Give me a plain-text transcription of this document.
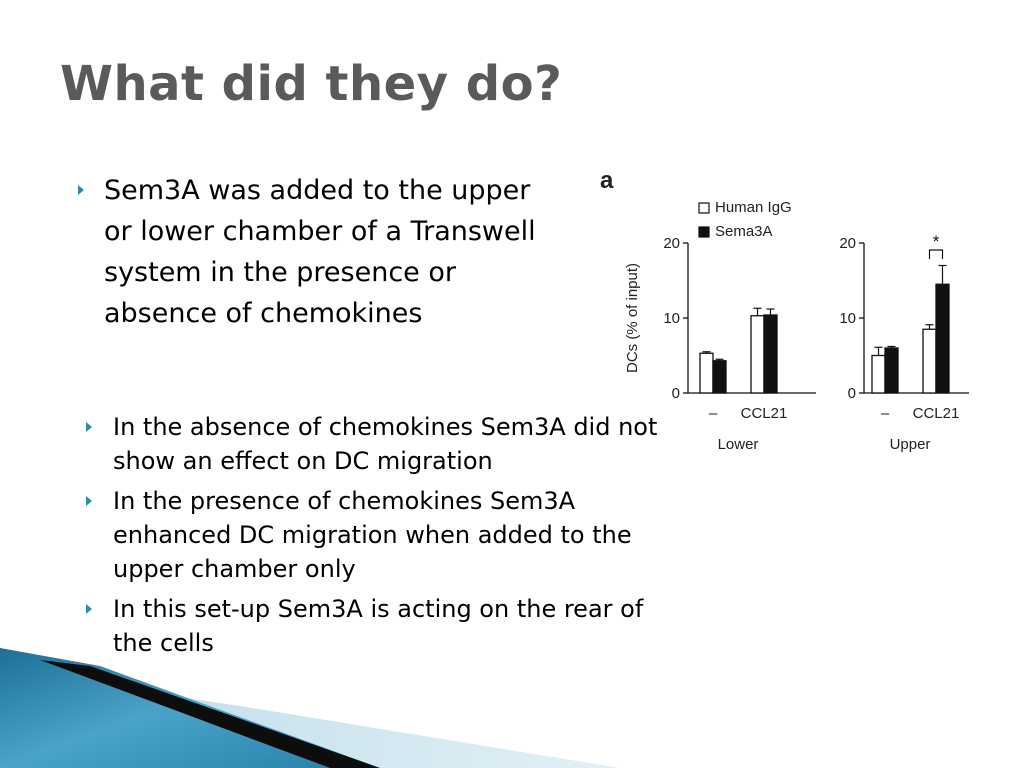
What did they do?
Sem3A was added to the upper or lower chamber of a Transwell system in the presence or absence of chemokines
In the absence of chemokines Sem3A did not show an effect on DC migration
In the presence of chemokines Sem3A enhanced DC migration when added to the upper chamber only
In this set-up Sem3A is acting on the rear of the cells
a
Human IgG
Sema3A
DCs (% of input)
0
10
20
– CCL21
Lower
0
10
20
– CCL21
Upper
*
